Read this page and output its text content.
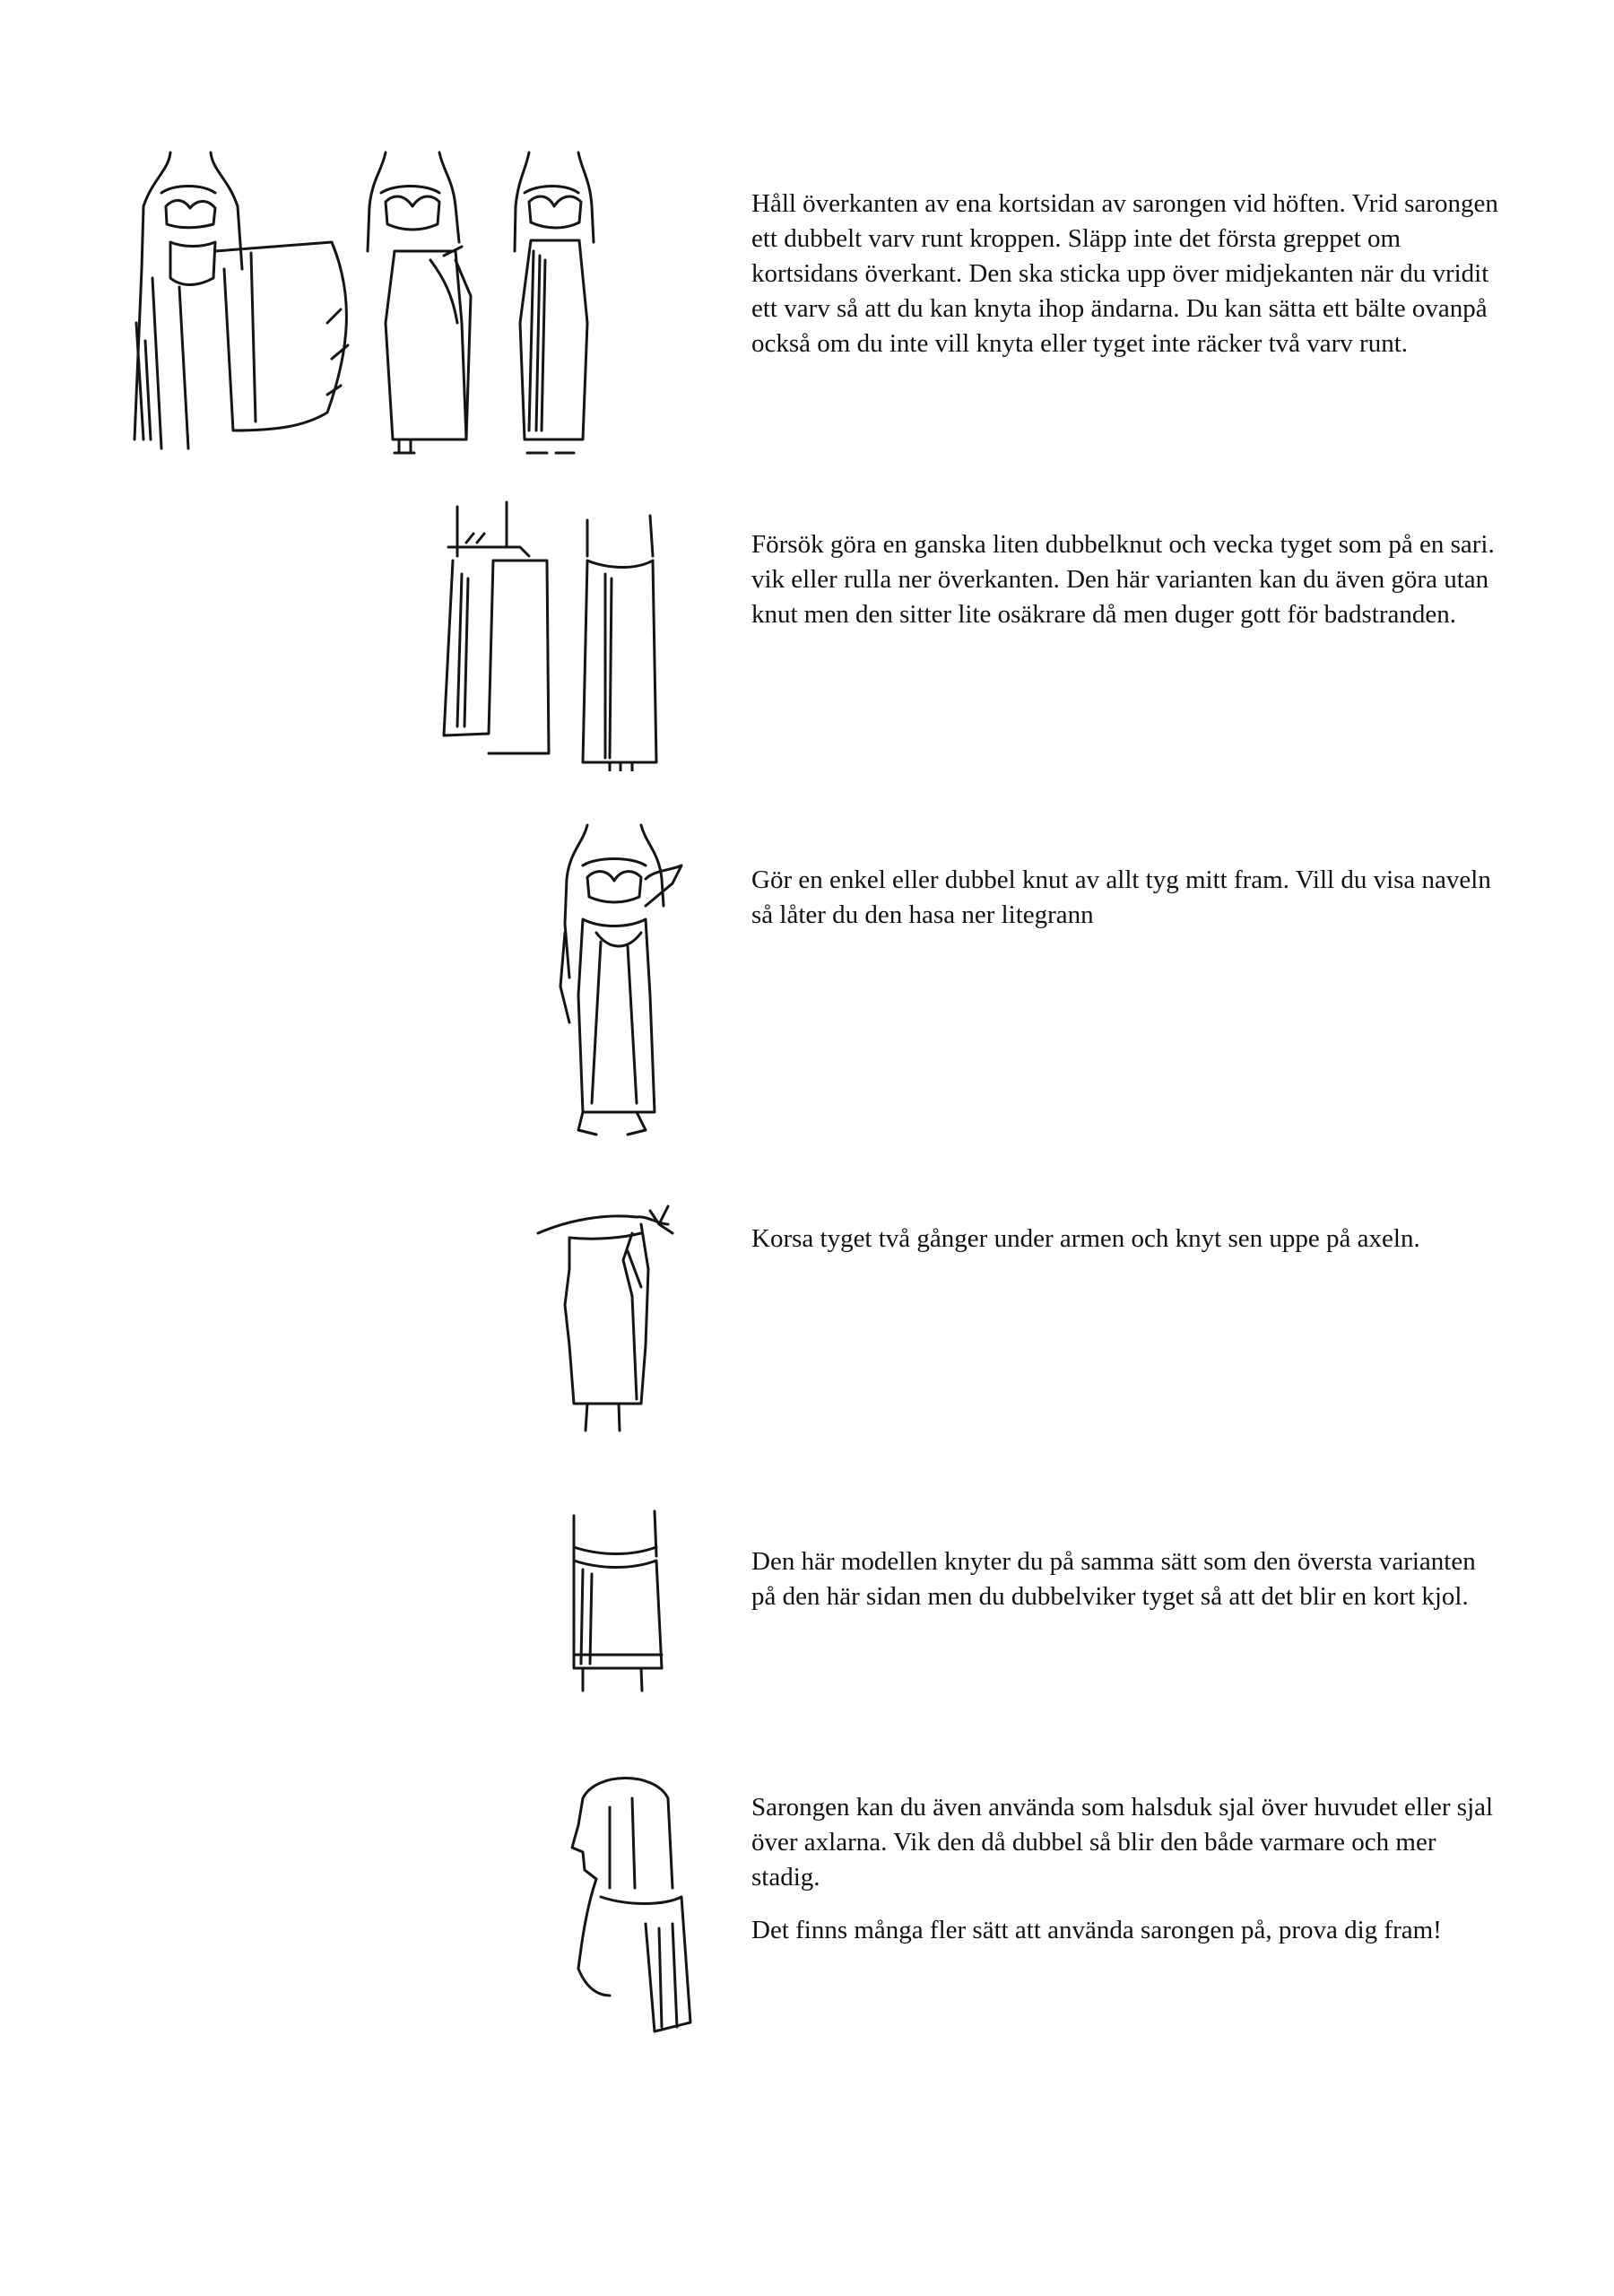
Håll överkanten av ena kortsidan av sarongen vid höften. Vrid sarongen ett dubbelt varv runt kroppen. Släpp inte det första greppet om kortsidans överkant. Den ska sticka upp över midjekanten när du vridit ett varv så att du kan knyta ihop ändarna. Du kan sätta ett bälte ovanpå också om du inte vill knyta eller tyget inte räcker två varv runt.

Försök göra en ganska liten dubbelknut och vecka tyget som på en sari. vik eller rulla ner överkanten. Den här varianten kan du även göra utan knut men den sitter lite osäkrare då men duger gott för badstranden.

Gör en enkel eller dubbel knut av allt tyg mitt fram. Vill du visa naveln så låter du den hasa ner litegrann

Korsa tyget två gånger under armen och knyt sen uppe på axeln.

Den här modellen knyter du på samma sätt som den översta varianten på den här sidan men du dubbelviker tyget så att det blir en kort kjol.

Sarongen kan du även använda som halsduk sjal över huvudet eller sjal över axlarna. Vik den då dubbel så blir den både varmare och mer stadig.

Det finns många fler sätt att använda sarongen på, prova dig fram!
